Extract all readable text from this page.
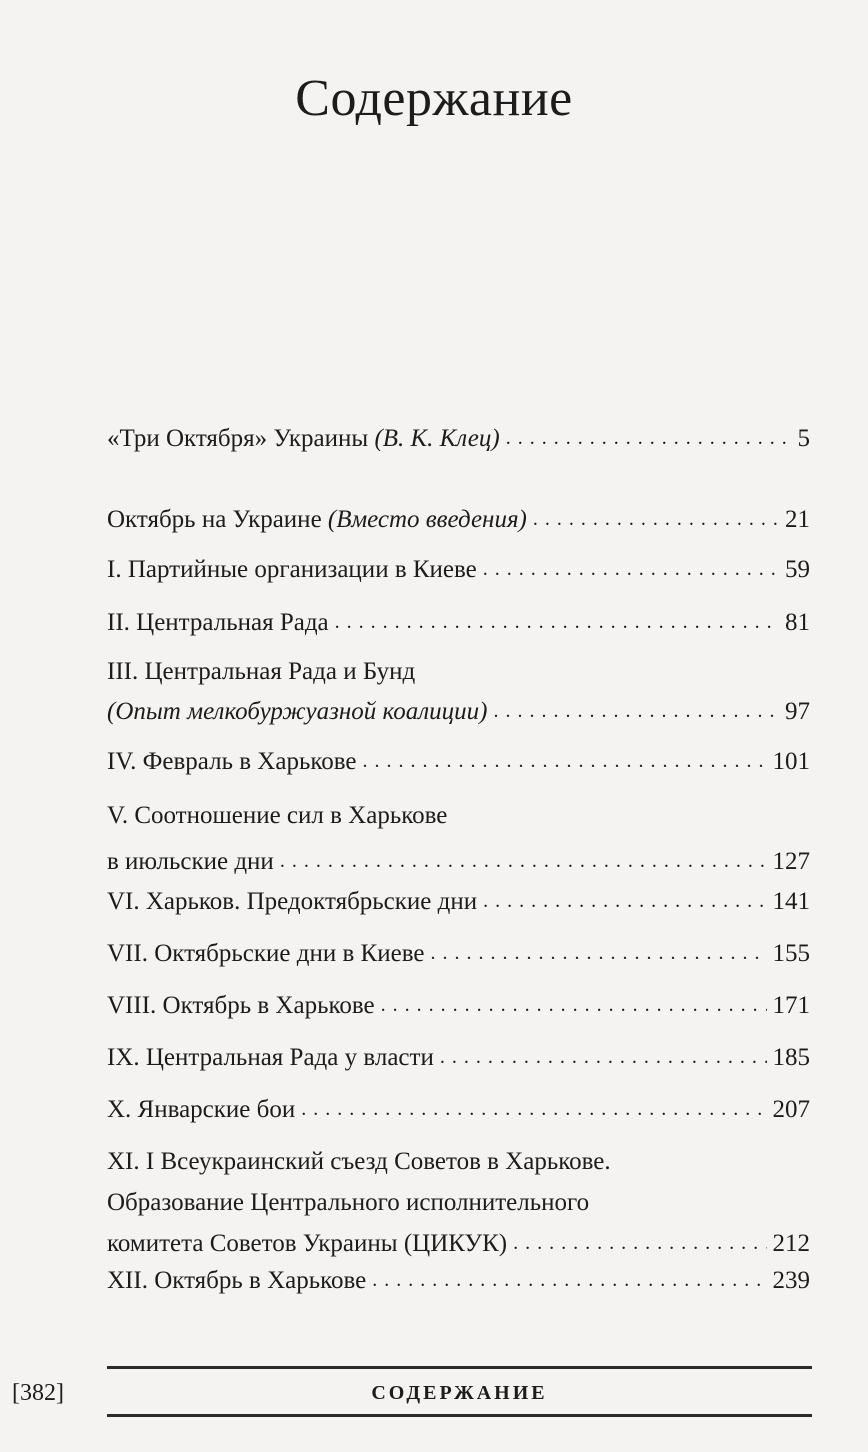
Содержание
«Три Октября» Украины (В. К. Клец) . . .	5
Октябрь на Украине (Вместо введения) . . .	21
I. Партийные организации в Киеве . . .	59
II. Центральная Рада . . .	81
III. Центральная Рада и Бунд
(Опыт мелкобуржуазной коалиции) . . .	97
IV. Февраль в Харькове . . .	101
V. Соотношение сил в Харькове
в июльские дни . . .	127
VI. Харьков. Предоктябрьские дни . . .	141
VII. Октябрьские дни в Киеве . . .	155
VIII. Октябрь в Харькове . . .	171
IX. Центральная Рада у власти . . .	185
X. Январские бои . . .	207
XI. I Всеукраинский съезд Советов в Харькове.
Образование Центрального исполнительного
комитета Советов Украины (ЦИКУК) . . .	212
XII. Октябрь в Харькове . . .	239
СОДЕРЖАНИЕ
[382]
